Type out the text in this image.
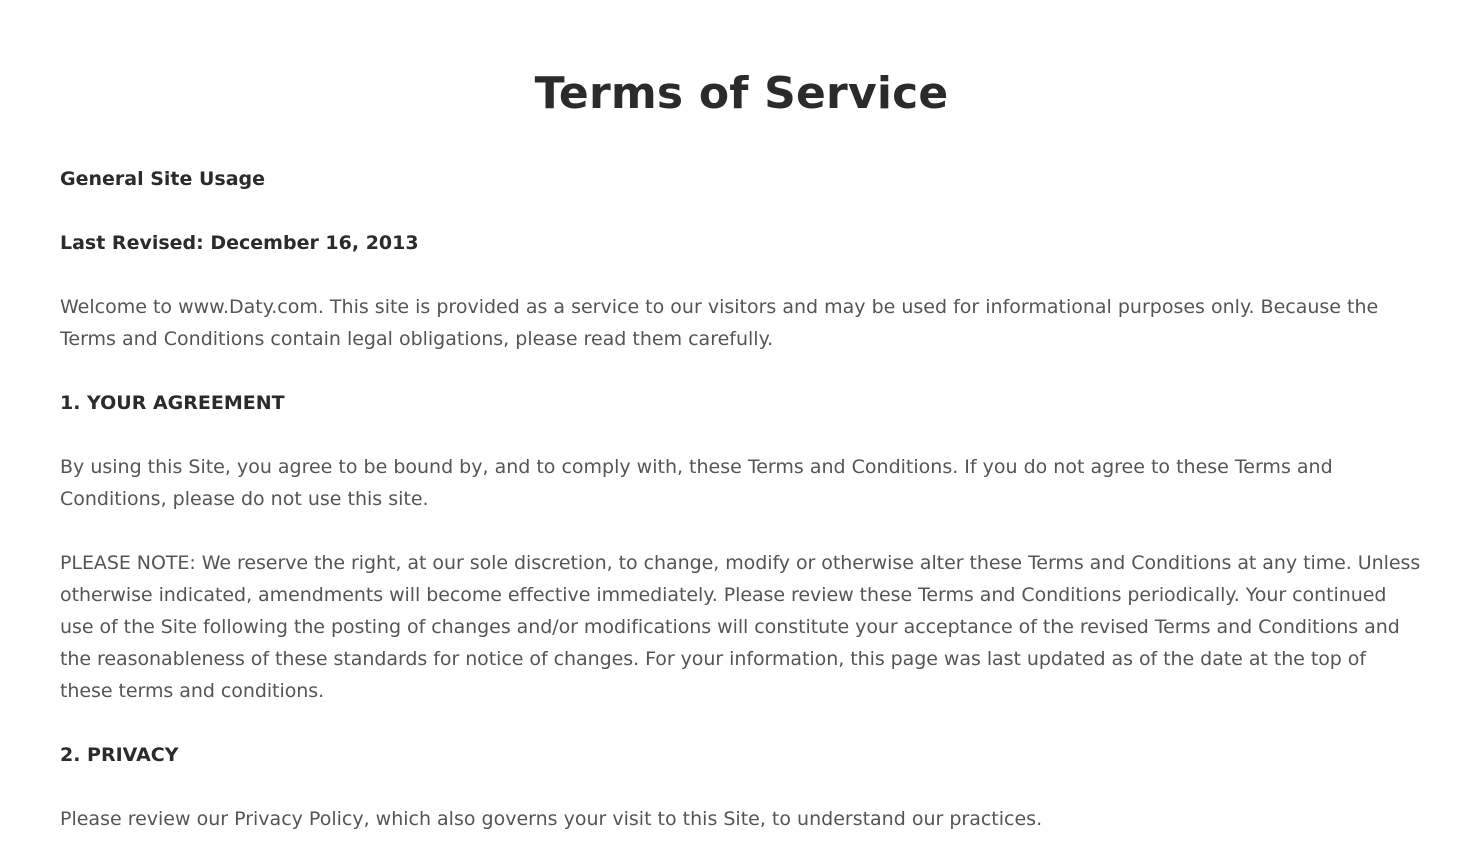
Terms of Service
General Site Usage
Last Revised: December 16, 2013
Welcome to www.Daty.com. This site is provided as a service to our visitors and may be used for informational purposes only. Because the Terms and Conditions contain legal obligations, please read them carefully.
1. YOUR AGREEMENT
By using this Site, you agree to be bound by, and to comply with, these Terms and Conditions. If you do not agree to these Terms and Conditions, please do not use this site.
PLEASE NOTE: We reserve the right, at our sole discretion, to change, modify or otherwise alter these Terms and Conditions at any time. Unless otherwise indicated, amendments will become effective immediately. Please review these Terms and Conditions periodically. Your continued use of the Site following the posting of changes and/or modifications will constitute your acceptance of the revised Terms and Conditions and the reasonableness of these standards for notice of changes. For your information, this page was last updated as of the date at the top of these terms and conditions.
2. PRIVACY
Please review our Privacy Policy, which also governs your visit to this Site, to understand our practices.
